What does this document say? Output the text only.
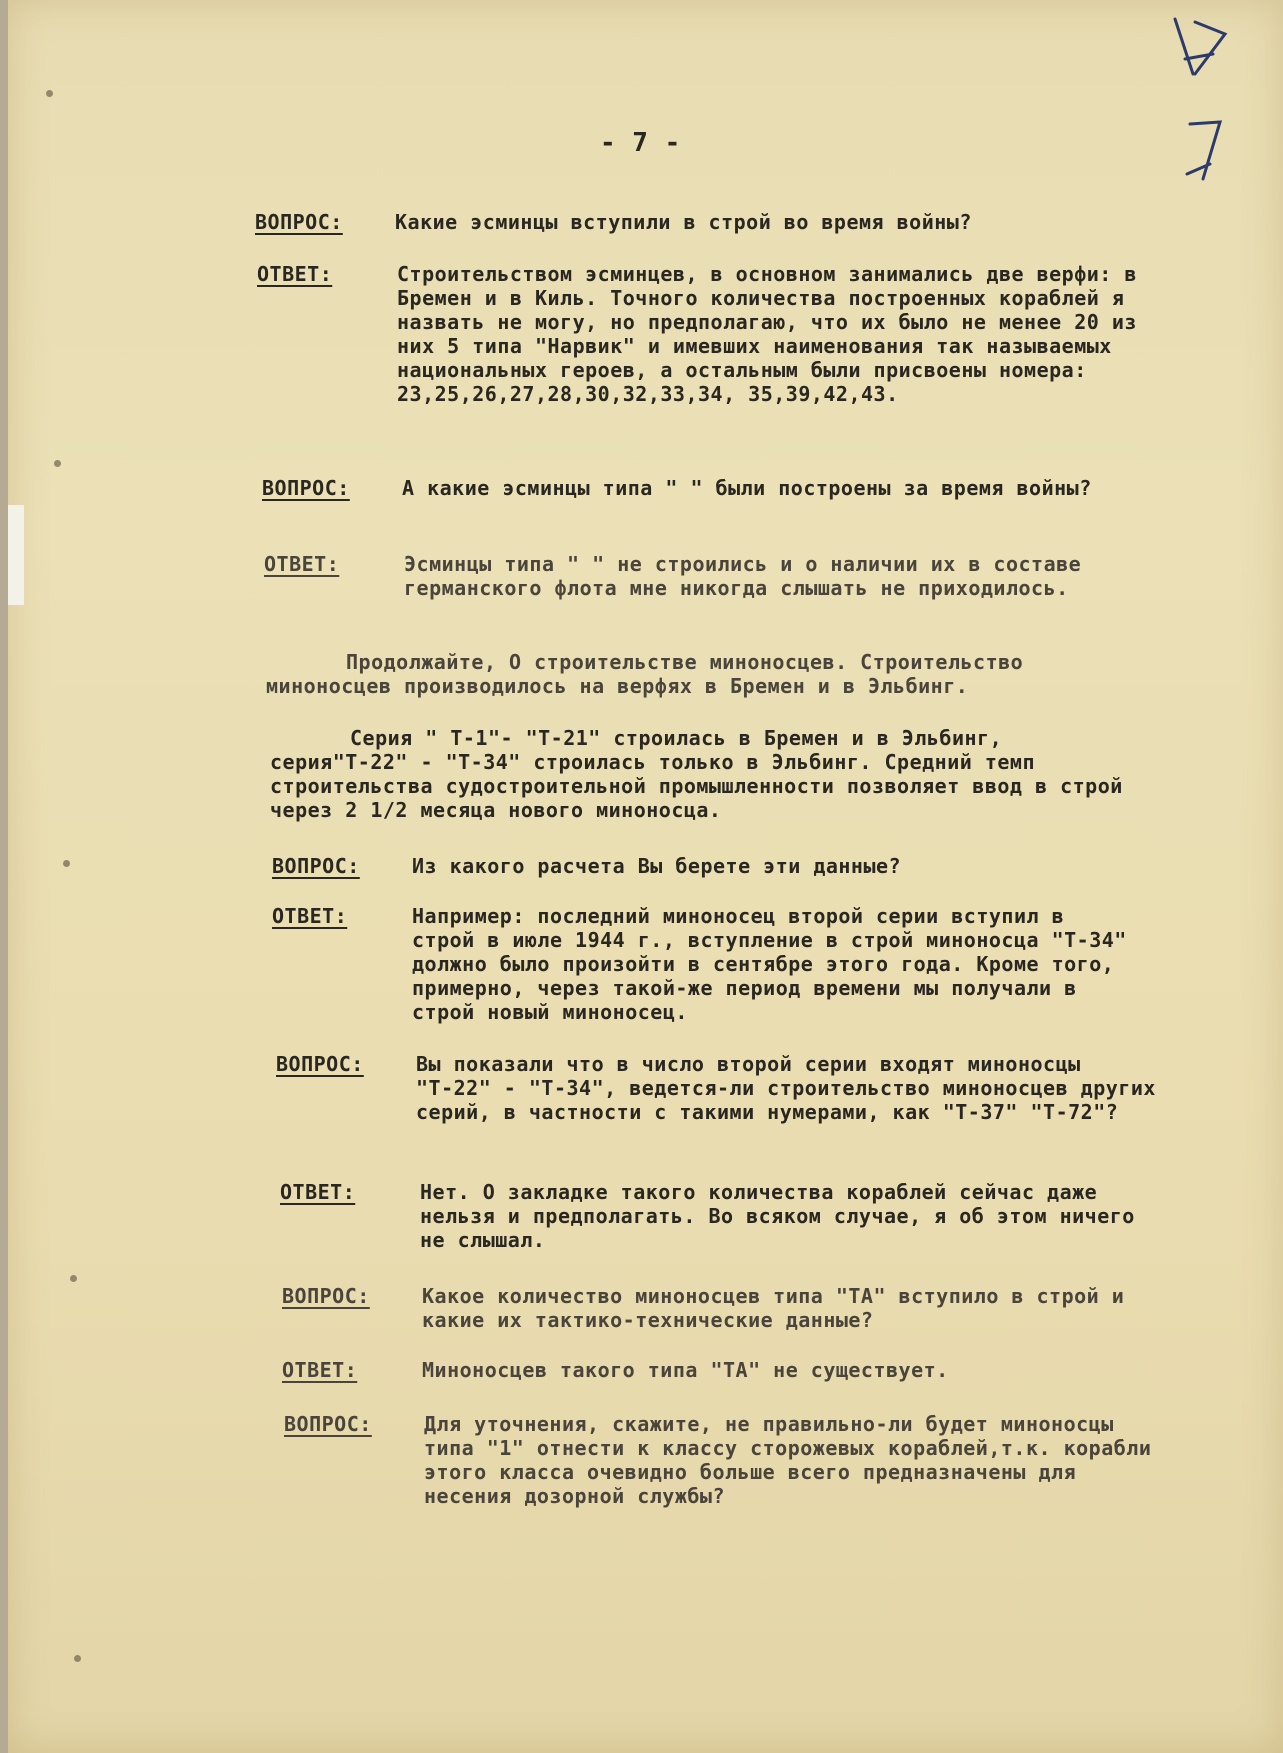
- 7 -
ВОПРОС:	Какие эсминцы вступили в строй во время войны?
ОТВЕТ:	Строительством эсминцев, в основном занимались две верфи: в Бремен и в Киль. Точного количества построенных кораблей я назвать не могу, но предполагаю, что их было не менее 20 из них 5 типа "Нарвик" и имевших наименования так называемых национальных героев, а остальным были присвоены номера: 23,25,26,27,28,30,32,33,34, 35,39,42,43.
ВОПРОС:	А какие эсминцы типа " " были построены за время войны?
ОТВЕТ:	Эсминцы типа " " не строились и о наличии их в составе германского флота мне никогда слышать не приходилось.
Продолжайте, О строительстве миноносцев. Строительство миноносцев производилось на верфях в Бремен и в Эльбинг.
Серия " Т-1"- "Т-21" строилась в Бремен и в Эльбинг, серия"Т-22" - "Т-34" строилась только в Эльбинг. Средний темп строительства судостроительной промышленности позволяет ввод в строй через 2 1/2 месяца нового миноносца.
ВОПРОС:	Из какого расчета Вы берете эти данные?
ОТВЕТ:	Например: последний миноносец второй серии вступил в строй в июле 1944 г., вступление в строй миноносца "Т-34" должно было произойти в сентябре этого года. Кроме того, примерно, через такой-же период времени мы получали в строй новый миноносец.
ВОПРОС:	Вы показали что в число второй серии входят миноносцы "Т-22" - "Т-34", ведется-ли строительство миноносцев других серий, в частности с такими нумерами, как "Т-37" "Т-72"?
ОТВЕТ:	Нет. О закладке такого количества кораблей сейчас даже нельзя и предполагать. Во всяком случае, я об этом ничего не слышал.
ВОПРОС:	Какое количество миноносцев типа "ТА" вступило в строй и какие их тактико-технические данные?
ОТВЕТ:	Миноносцев такого типа "ТА" не существует.
ВОПРОС:	Для уточнения, скажите, не правильно-ли будет миноносцы типа "1" отнести к классу сторожевых кораблей,т.к. корабли этого класса очевидно больше всего предназначены для несения дозорной службы?
